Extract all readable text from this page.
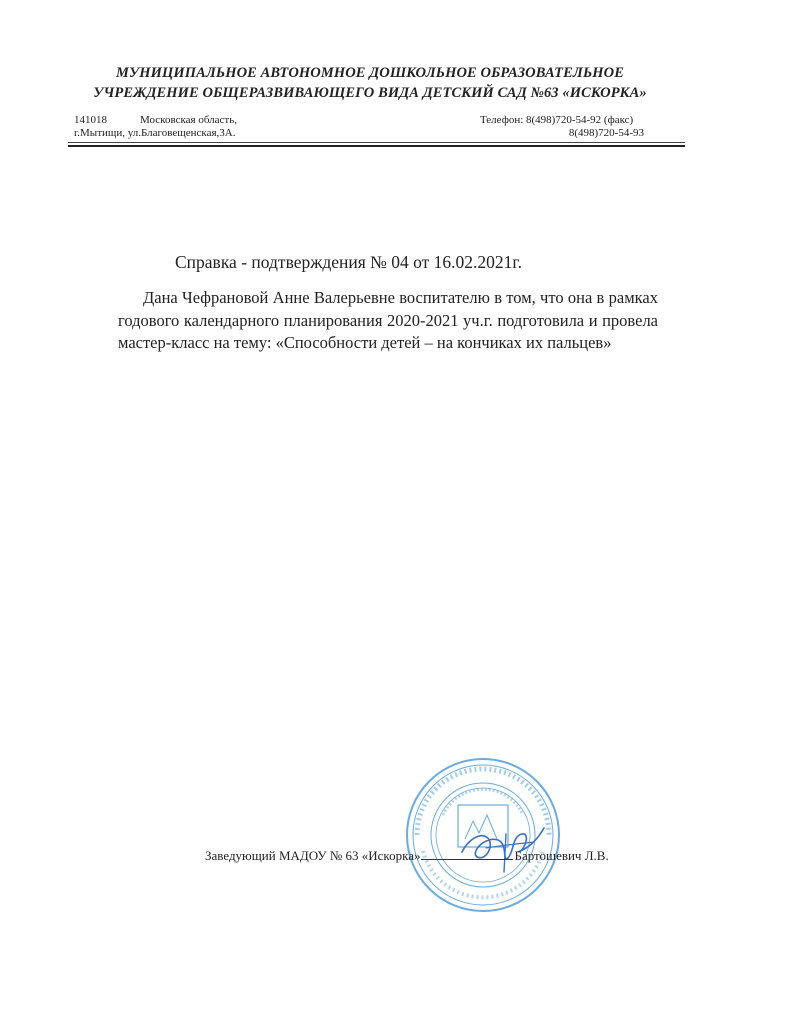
МУНИЦИПАЛЬНОЕ АВТОНОМНОЕ ДОШКОЛЬНОЕ ОБРАЗОВАТЕЛЬНОЕ
УЧРЕЖДЕНИЕ ОБЩЕРАЗВИВАЮЩЕГО ВИДА ДЕТСКИЙ САД №63 «ИСКОРКА»
141018	Московская область,
г.Мытищи, ул.Благовещенская,3А.
Телефон: 8(498)720-54-92 (факс)
8(498)720-54-93
Справка - подтверждения № 04 от 16.02.2021г.
Дана Чефрановой Анне Валерьевне воспитателю в том, что она в рамках годового календарного планирования 2020-2021 уч.г. подготовила и провела мастер-класс на тему: «Способности детей – на кончиках их пальцев»
Заведующий МАДОУ № 63 «Искорка»	Бартошевич Л.В.
